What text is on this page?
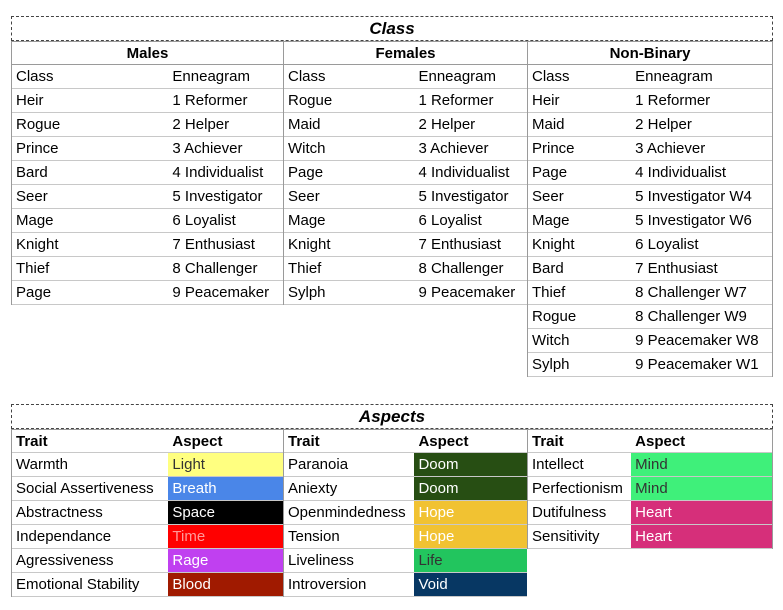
Class
Males
Class	Enneagram
Heir	1 Reformer
Rogue	2 Helper
Prince	3 Achiever
Bard	4 Individualist
Seer	5 Investigator
Mage	6 Loyalist
Knight	7 Enthusiast
Thief	8 Challenger
Page	9 Peacemaker
Females
Class	Enneagram
Rogue	1 Reformer
Maid	2 Helper
Witch	3 Achiever
Page	4 Individualist
Seer	5 Investigator
Mage	6 Loyalist
Knight	7 Enthusiast
Thief	8 Challenger
Sylph	9 Peacemaker
Non-Binary
Class	Enneagram
Heir	1 Reformer
Maid	2 Helper
Prince	3 Achiever
Page	4 Individualist
Seer	5 Investigator W4
Mage	5 Investigator W6
Knight	6 Loyalist
Bard	7 Enthusiast
Thief	8 Challenger W7
Rogue	8 Challenger W9
Witch	9 Peacemaker W8
Sylph	9 Peacemaker W1
Aspects
Trait	Aspect
Warmth	Light
Social Assertiveness	Breath
Abstractness	Space
Independance	Time
Agressiveness	Rage
Emotional Stability	Blood
Trait	Aspect
Paranoia	Doom
Aniexty	Doom
Openmindedness Hope
Tension	Hope
Liveliness	Life
Introversion	Void
Trait	Aspect
Intellect	Mind
Perfectionism Mind
Dutifulness	Heart
Sensitivity	Heart
